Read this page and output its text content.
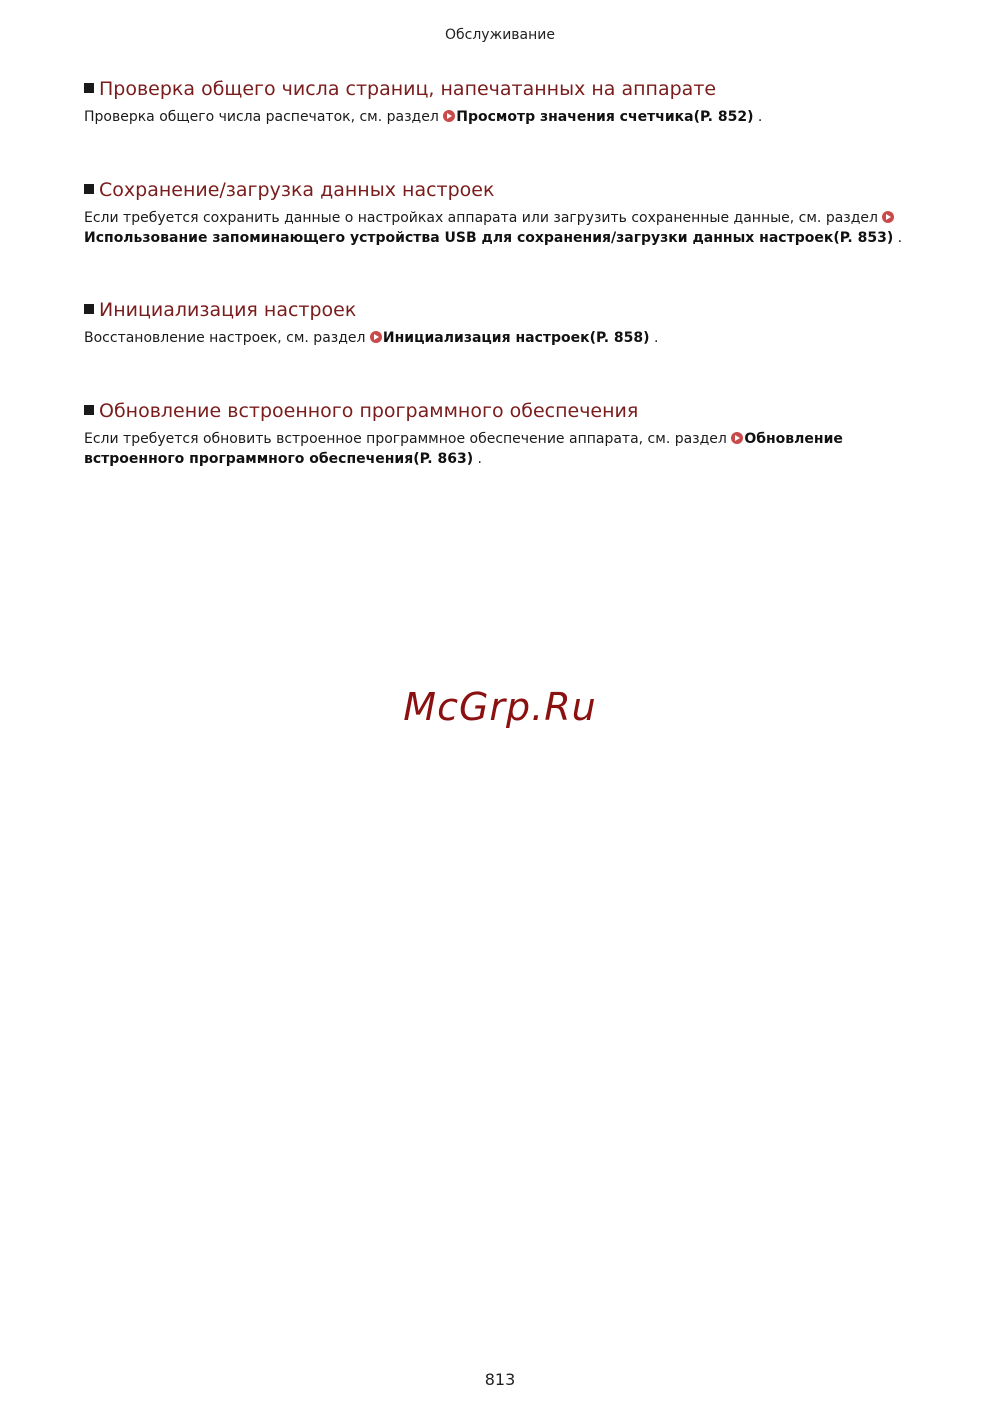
Обслуживание
Проверка общего числа страниц, напечатанных на аппарате

Проверка общего числа распечаток, см. раздел Просмотр значения счетчика(P. 852) .

Сохранение/загрузка данных настроек

Если требуется сохранить данные о настройках аппарата или загрузить сохраненные данные, см. раздел Использование запоминающего устройства USB для сохранения/загрузки данных настроек(P. 853) .

Инициализация настроек

Восстановление настроек, см. раздел Инициализация настроек(P. 858) .

Обновление встроенного программного обеспечения

Если требуется обновить встроенное программное обеспечение аппарата, см. раздел Обновление встроенного программного обеспечения(P. 863) .

McGrp.Ru
813
